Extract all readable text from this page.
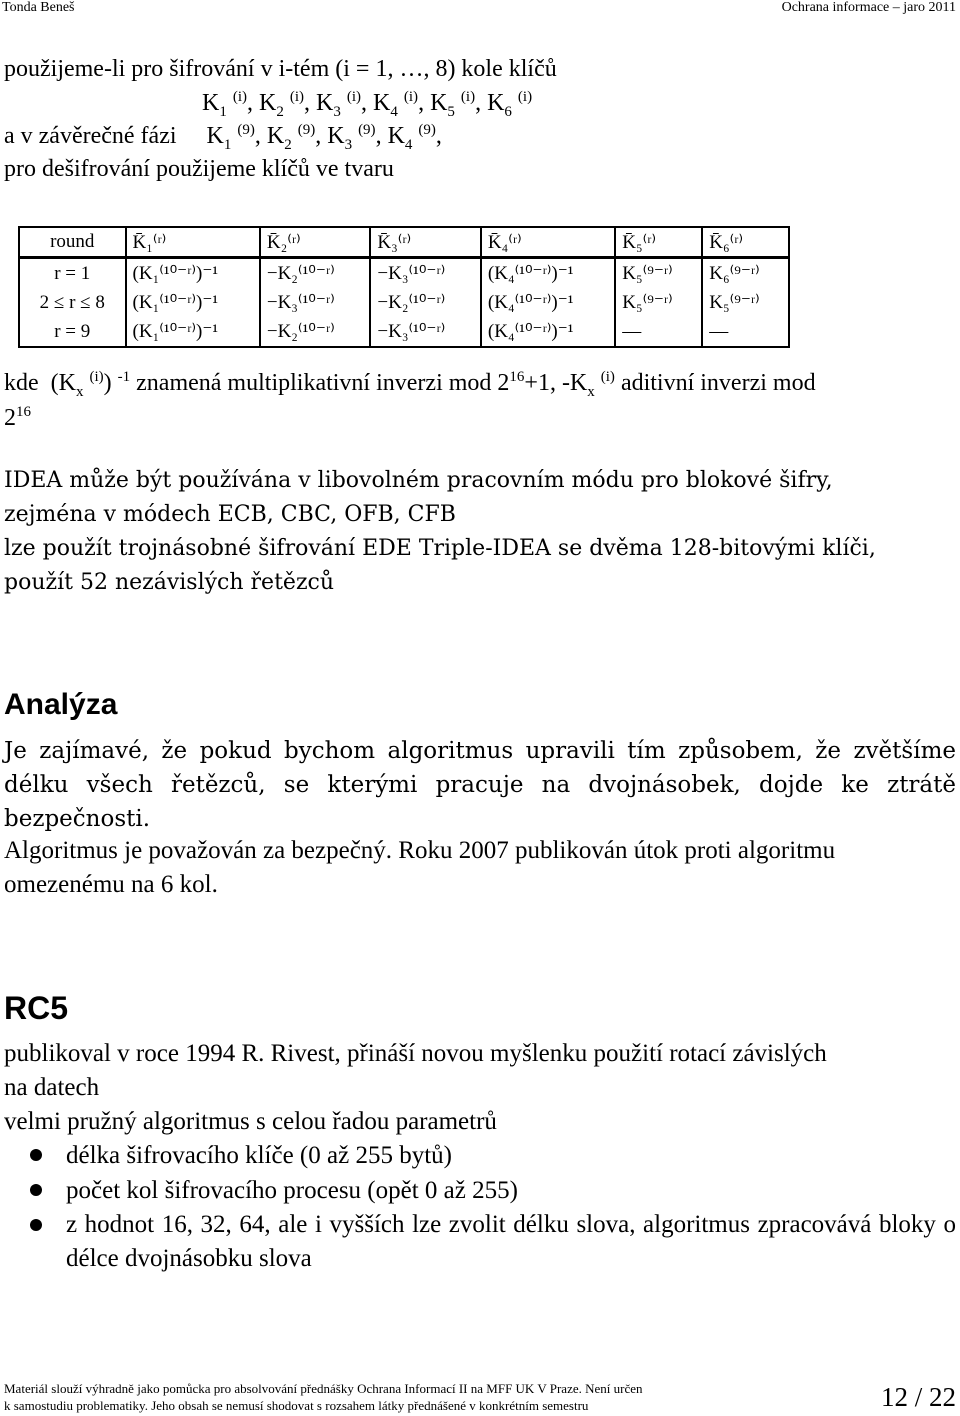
Tonda Beneš	Ochrana informace – jaro 2011
použijeme-li pro šifrování v i-tém (i = 1, …, 8) kole klíčů
$K_1$ $^{(i)}$, $K_2$ $^{(i)}$, $K_3$ $^{(i)}$, $K_4$ $^{(i)}$, $K_5$ $^{(i)}$, $K_6$ $^{(i)}$
a v závěrečné fázi     $K_1$ $^{(9)}$, $K_2$ $^{(9)}$, $K_3$ $^{(9)}$, $K_4$ $^{(9)}$,
pro dešifrování použijeme klíčů ve tvaru
round	K̄₁⁽ʳ⁾	K̄₂⁽ʳ⁾	K̄₃⁽ʳ⁾	K̄₄⁽ʳ⁾	K̄₅⁽ʳ⁾	K̄₆⁽ʳ⁾
r = 1	(K₁⁽¹⁰⁻ʳ⁾)⁻¹	−K₂⁽¹⁰⁻ʳ⁾	−K₃⁽¹⁰⁻ʳ⁾	(K₄⁽¹⁰⁻ʳ⁾)⁻¹	K₅⁽⁹⁻ʳ⁾	K₆⁽⁹⁻ʳ⁾
2 ≤ r ≤ 8	(K₁⁽¹⁰⁻ʳ⁾)⁻¹	−K₃⁽¹⁰⁻ʳ⁾	−K₂⁽¹⁰⁻ʳ⁾	(K₄⁽¹⁰⁻ʳ⁾)⁻¹	K₅⁽⁹⁻ʳ⁾	K₅⁽⁹⁻ʳ⁾
r = 9	(K₁⁽¹⁰⁻ʳ⁾)⁻¹	−K₂⁽¹⁰⁻ʳ⁾	−K₃⁽¹⁰⁻ʳ⁾	(K₄⁽¹⁰⁻ʳ⁾)⁻¹	—	—
kde  ($K_x$ $^{(i)}$) $^{-1}$ znamená multiplikativní inverzi mod $2^{16}+1$, $-K_x$ $^{(i)}$ aditivní inverzi mod
$2^{16}$
IDEA může být používána v libovolném pracovním módu pro blokové šifry,
zejména v módech ECB, CBC, OFB, CFB
lze použít trojnásobné šifrování EDE Triple-IDEA se dvěma 128-bitovými klíči,
použít 52 nezávislých řetězců
Analýza
Je zajímavé, že pokud bychom algoritmus upravili tím způsobem, že zvětšíme délku všech řetězců, se kterými pracuje na dvojnásobek, dojde ke ztrátě bezpečnosti.
Algoritmus je považován za bezpečný. Roku 2007 publikován útok proti algoritmu
omezenému na 6 kol.
RC5
publikoval v roce 1994 R. Rivest, přináší novou myšlenku použití rotací závislých
na datech
velmi pružný algoritmus s celou řadou parametrů
délka šifrovacího klíče (0 až 255 bytů)
počet kol šifrovacího procesu (opět 0 až 255)
z hodnot 16, 32, 64, ale i vyšších lze zvolit délku slova, algoritmus zpracovává bloky o délce dvojnásobku slova
Materiál slouží výhradně jako pomůcka pro absolvování přednášky Ochrana Informací II na MFF UK V Praze. Není určen
k samostudiu problematiky. Jeho obsah se nemusí shodovat s rozsahem látky přednášené v konkrétním semestru	12 / 22
